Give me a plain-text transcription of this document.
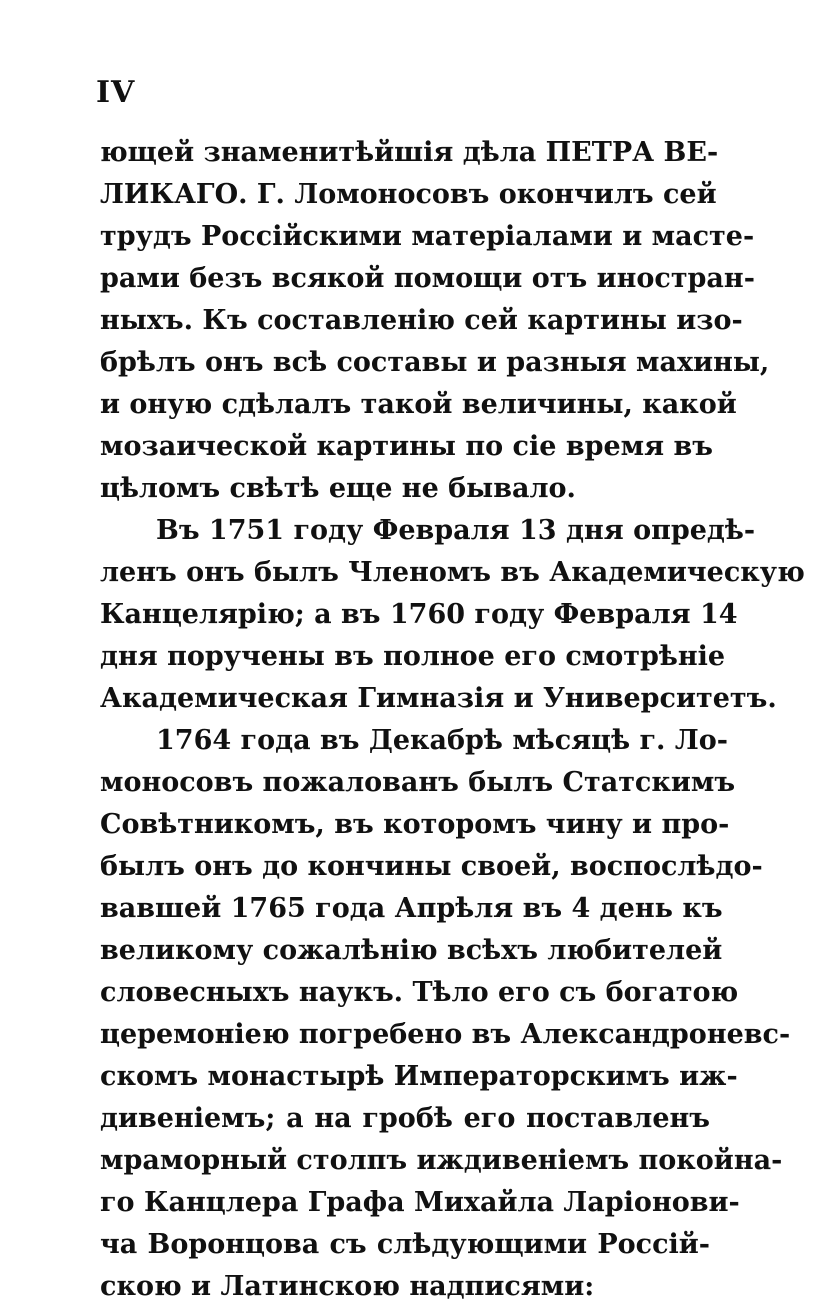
IV
ющей знаменитѣйшія дѣла ПЕТРА ВЕ-
ЛИКАГО. Г. Ломоносовъ окончилъ сей
трудъ Россійскими матеріалами и масте-
рами безъ всякой помощи отъ иностран-
ныхъ. Къ составленію сей картины изо-
брѣлъ онъ всѣ составы и разныя махины,
и оную сдѣлалъ такой величины, какой
мозаической картины по сіе время въ
цѣломъ свѣтѣ еще не бывало.
Въ 1751 году Февраля 13 дня опредѣ-
ленъ онъ былъ Членомъ въ Академическую
Канцелярію; а въ 1760 году Февраля 14
дня поручены въ полное его смотрѣніе
Академическая Гимназія и Университетъ.
1764 года въ Декабрѣ мѣсяцѣ г. Ло-
моносовъ пожалованъ былъ Статскимъ
Совѣтникомъ, въ которомъ чину и про-
былъ онъ до кончины своей, воспослѣдо-
вавшей 1765 года Апрѣля въ 4 день къ
великому сожалѣнію всѣхъ любителей
словесныхъ наукъ. Тѣло его съ богатою
церемоніею погребено въ Александроневс-
скомъ монастырѣ Императорскимъ иж-
дивеніемъ; а на гробѣ его поставленъ
мраморный столпъ иждивеніемъ покойна-
го Канцлера Графа Михайла Ларіонови-
ча Воронцова съ слѣдующими Россій-
скою и Латинскою надписями:
